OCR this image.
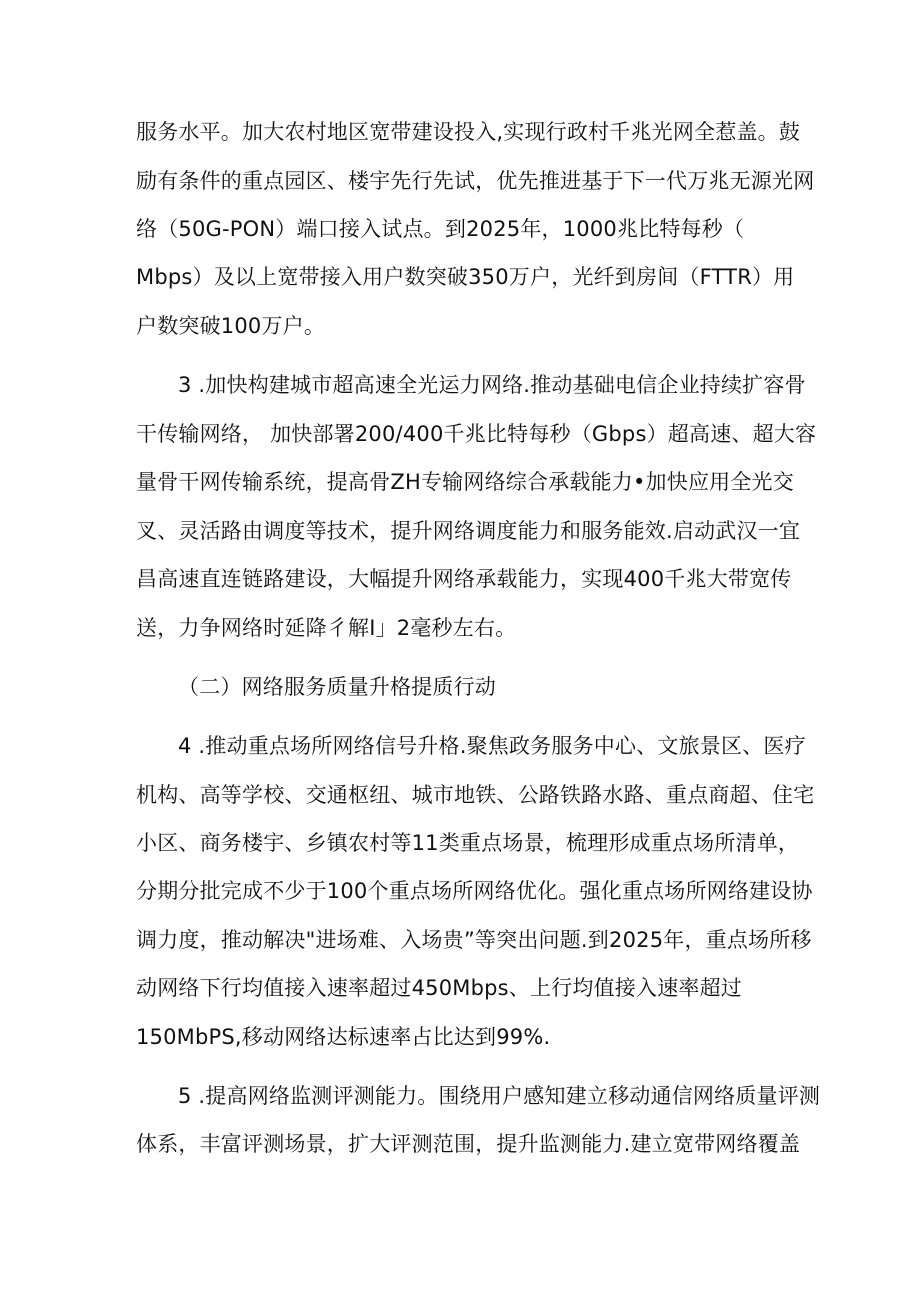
服务水平。加大农村地区宽带建设投入,实现行政村千兆光网全惹盖。鼓
励有条件的重点园区、楼宇先行先试，优先推进基于下一代万兆无源光网
络（50G-PON）端口接入试点。到2025年，1000兆比特每秒（
Mbps）及以上宽带接入用户数突破350万户，光纤到房间（FTTR）用
户数突破100万户。
3 .加快构建城市超高速全光运力网络.推动基础电信企业持续扩容骨
干传输网络， 加快部署200/400千兆比特每秒（Gbps）超高速、超大容
量骨干网传输系统，提高骨ZH专输网络综合承载能力•加快应用全光交
叉、灵活路由调度等技术，提升网络调度能力和服务能效.启动武汉一宜
昌高速直连链路建设，大幅提升网络承载能力，实现400千兆大带宽传
送，力争网络时延降彳解I」2毫秒左右。
（二）网络服务质量升格提质行动
4 .推动重点场所网络信号升格.聚焦政务服务中心、文旅景区、医疗
机构、高等学校、交通枢纽、城市地铁、公路铁路水路、重点商超、住宅
小区、商务楼宇、乡镇农村等11类重点场景，梳理形成重点场所清单，
分期分批完成不少于100个重点场所网络优化。强化重点场所网络建设协
调力度，推动解决"进场难、入场贵”等突出问题.到2025年，重点场所移
动网络下行均值接入速率超过450Mbps、上行均值接入速率超过
150MbPS,移动网络达标速率占比达到99%.
5 .提高网络监测评测能力。围绕用户感知建立移动通信网络质量评测
体系，丰富评测场景，扩大评测范围，提升监测能力.建立宽带网络覆盖
